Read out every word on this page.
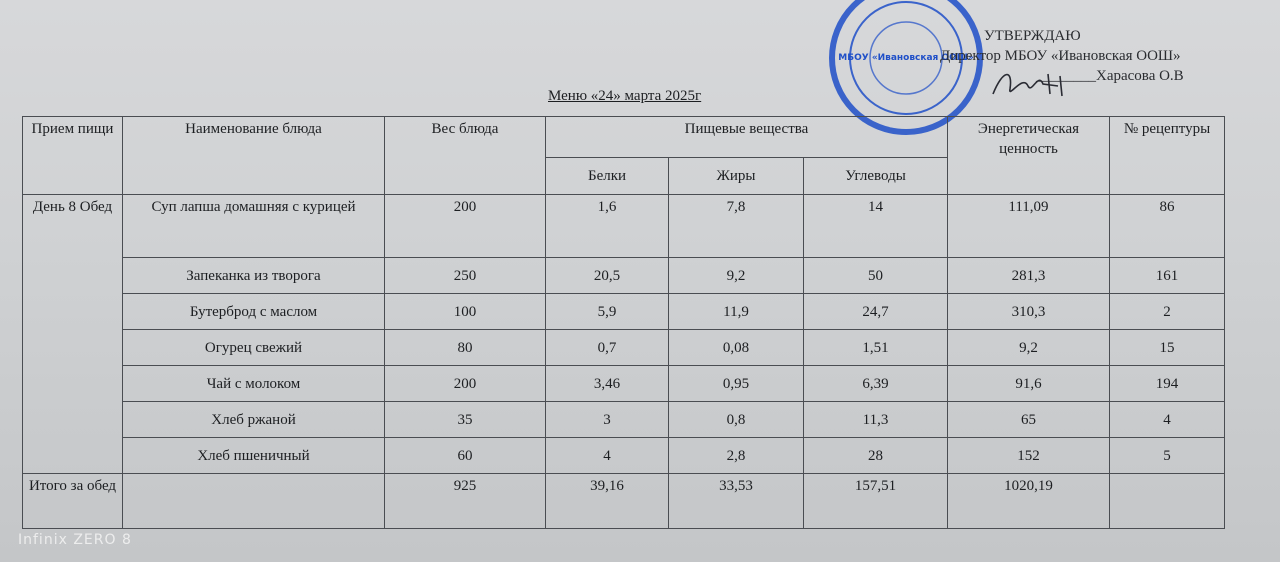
МБОУ «Ивановская ООШ»
УТВЕРЖДАЮ
Директор МБОУ «Ивановская ООШ»
________Харасова О.В
Меню «24» марта 2025г
Прием пищи	Наименование блюда	Вес блюда	Пищевые вещества			Энергетическая ценность	№ рецептуры
			Белки	Жиры	Углеводы		
День 8 Обед	Суп лапша домашняя с курицей	200	1,6	7,8	14	111,09	86
	Запеканка из творога	250	20,5	9,2	50	281,3	161
	Бутерброд с маслом	100	5,9	11,9	24,7	310,3	2
	Огурец свежий	80	0,7	0,08	1,51	9,2	15
	Чай с молоком	200	3,46	0,95	6,39	91,6	194
	Хлеб ржаной	35	3	0,8	11,3	65	4
	Хлеб пшеничный	60	4	2,8	28	152	5
Итого за обед		925	39,16	33,53	157,51	1020,19	
Infinix ZERO 8
